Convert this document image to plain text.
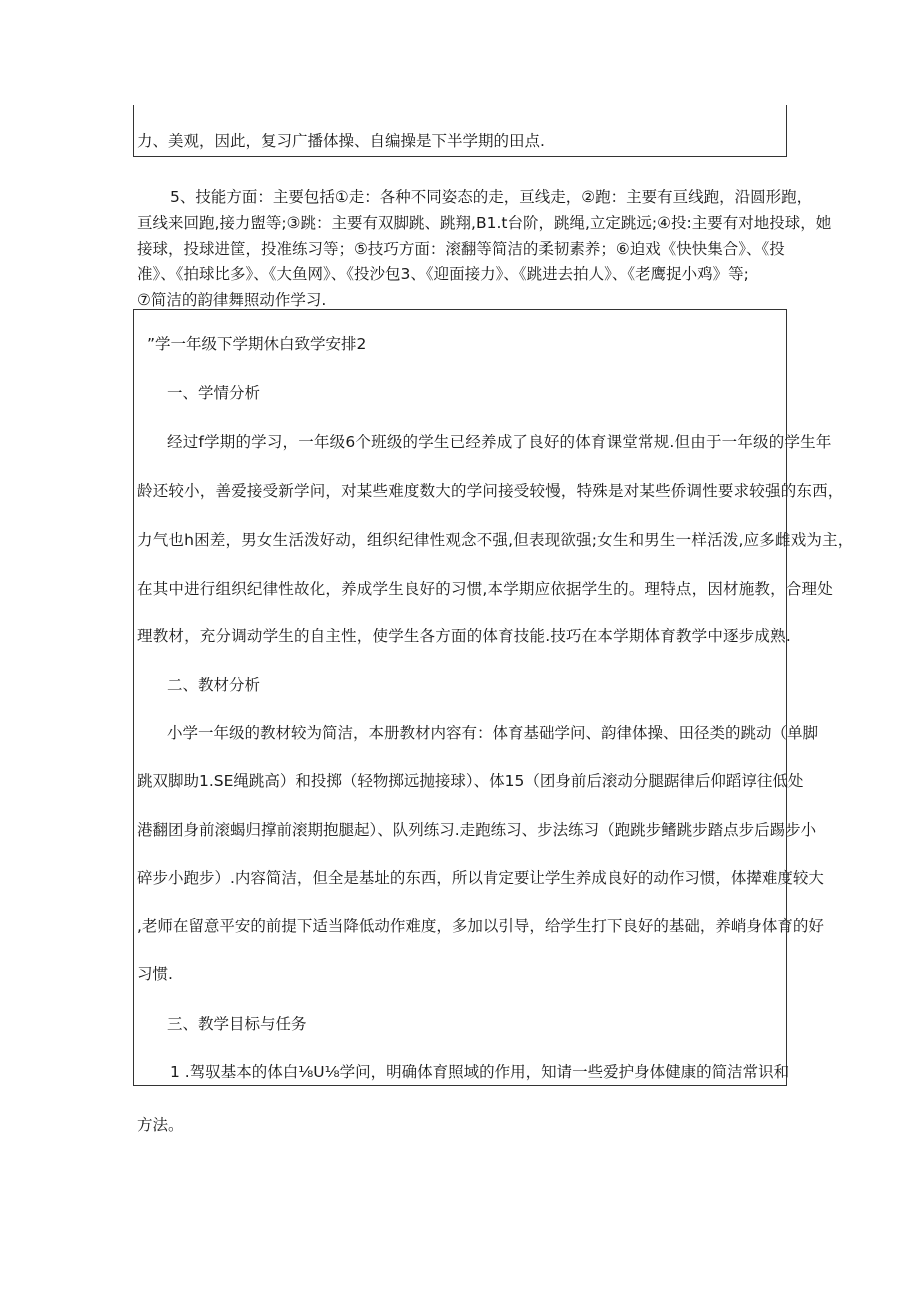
力、美观，因此，复习广播体操、自编操是下半学期的田点.
5、技能方面：主要包括①走：各种不同姿态的走，亘线走，②跑：主要有亘线跑，沿圆形跑，
亘线来回跑,接力盥等;③跳：主要有双脚跳、跳翔,B1.t台阶，跳绳,立定跳远;④投:主要有对地投球，她
接球，投球进筐，投准练习等；⑤技巧方面：滚翻等简洁的柔韧素养；⑥迫戏《快快集合》、《投
准》、《拍球比多》、《大鱼网》、《投沙包3、《迎面接力》、《跳进去拍人》、《老鹰捉小鸡》等;
⑦简洁的韵律舞照动作学习.
”学一年级下学期休白致学安排2
一、学情分析
经过f学期的学习，一年级6个班级的学生已经养成了良好的体育课堂常规.但由于一年级的学生年
龄还较小，善爱接受新学问，对某些难度数大的学问接受较慢，特殊是对某些侨调性要求较强的东西，
力气也h困差，男女生活泼好动，组织纪律性观念不强,但表现欲强;女生和男生一样活泼,应多雌戏为主，
在其中进行组织纪律性故化，养成学生良好的习惯,本学期应依据学生的。理特点，因材施教，合理处
理教材，充分调动学生的自主性，使学生各方面的体育技能.技巧在本学期体育教学中逐步成熟.
二、教材分析
小学一年级的教材较为简洁，本册教材内容有：体育基础学问、韵律体操、田径类的跳动（单脚
跳双脚助1.SE绳跳高）和投掷（轻物掷远抛接球）、体15（团身前后滚动分腿踞律后仰蹈谆往低处
港翻团身前滚蝎归撑前滚期抱腿起）、队列练习.走跑练习、步法练习（跑跳步鳍跳步踏点步后踢步小
碎步小跑步）.内容简洁，但全是基址的东西，所以肯定要让学生养成良好的动作习惯，体撵难度较大
,老师在留意平安的前提下适当降低动作难度，多加以引导，给学生打下良好的基础，养峭身体育的好
习惯.
三、教学目标与任务
1 .驾驭基本的体白⅛U⅛学问，明确体育照域的作用，知请一些爱护身体健康的简洁常识和
方法。
